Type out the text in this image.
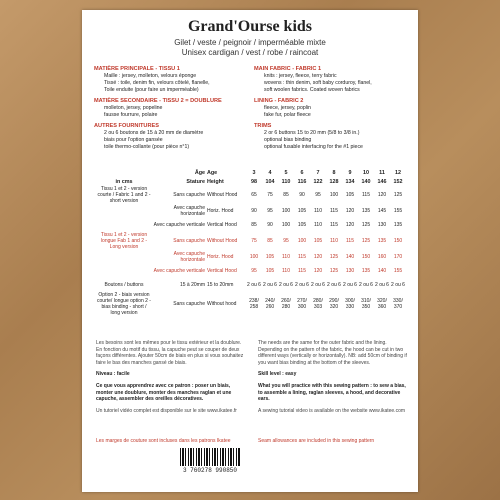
Grand'Ourse kids
Gilet / veste / peignoir / imperméable mixte
Unisex cardigan / vest / robe / raincoat
MATIÈRE PRINCIPALE - TISSU 1
Maille : jersey, molleton, velours éponge
Tissé : toile, denim fin, velours côtelé, flanelle,
Toile enduite (pour faire un imperméable)
MATIÈRE SECONDAIRE - TISSU 2 = DOUBLURE
molleton, jersey, popeline
fausse fourrure, polaire
AUTRES FOURNITURES
2 ou 6 boutons de 15 à 20 mm de diamètre
biais pour l'option gansée
toile thermo-collante (pour pièce n°1)
MAIN FABRIC - FABRIC 1
knits : jersey, fleece, terry fabric
wovens : thin denim, soft baby corduroy, flanel,
soft woolen fabrics. Coated woven fabrics
LINING - FABRIC 2
fleece, jersey, poplin
fake fur, polar fleece
TRIMS
2 or 6 buttons 15 to 20 mm (5/8 to 3/8 in.)
optional bias binding
optional fusable interfacing for the #1 piece
	Âge	Age	3	4	5	6	7	8	9	10	11	12
in cms	Stature	Height	98	104	110	116	122	128	134	140	146	152
Tissu 1 et 2 - version courte / Fabric 1 and 2 - short version	Sans capuche	Without Hood	65	75	85	90	95	100	105	115	120	125
	Avec capuche horizontale	Horiz. Hood	90	95	100	105	110	115	120	135	145	155
	Avec capuche verticale	Vertical Hood	85	90	100	105	110	115	120	125	130	135
Tissu 1 et 2 - version longue Fab 1 and 2 - Long version	Sans capuche	Without Hood	75	85	95	100	105	110	115	125	135	150
	Avec capuche horizontale	Horiz. Hood	100	105	110	115	120	125	140	150	160	170
	Avec capuche verticale	Vertical Hood	95	105	110	115	120	125	130	135	140	155
Boutons / buttons	15 à 20mm	15 to 20mm	2 ou 6	2 ou 6	2 ou 6	2 ou 6	2 ou 6	2 ou 6	2 ou 6	2 ou 6	2 ou 6	2 ou 6
Option 2 - biais version courte/ longue option 2 - bias binding - short / long version	Sans capuche	Without hood	238/ 258	240/ 260	260/ 280	270/ 300	280/ 303	290/ 320	300/ 330	310/ 350	320/ 360	330/ 370
Les besoins sont les mêmes pour le tissu extérieur et la doublure. En fonction du motif du tissu, la capuche peut se couper de deux façons différentes. Ajouter 50cm de biais en plus si vous souhaitez faire le bas des manches gansé de biais.
Niveau : facile
Ce que vous apprendrez avec ce patron : poser un biais, monter une doublure, monter des manches raglan et une capuche, assembler des oreilles décoratives.
Un tutoriel vidéo complet est disponible sur le site www.ikatee.fr
The needs are the same for the outer fabric and the lining. Depending on the pattern of the fabric, the hood can be cut in two different ways (vertically or horizontally). NB: add 50cm of binding if you want bias binding at the bottom of the sleeves.
Skill level : easy
What you will practice with this sewing pattern : to sew a bias, to assemble a lining, raglan sleeves, a hood, and decorative ears.
A sewing tutorial video is available on the website www.ikatee.com
Les marges de couture sont incluses dans les patrons Ikatee	Seam allowances are included in this sewing pattern
3 760278 990850
